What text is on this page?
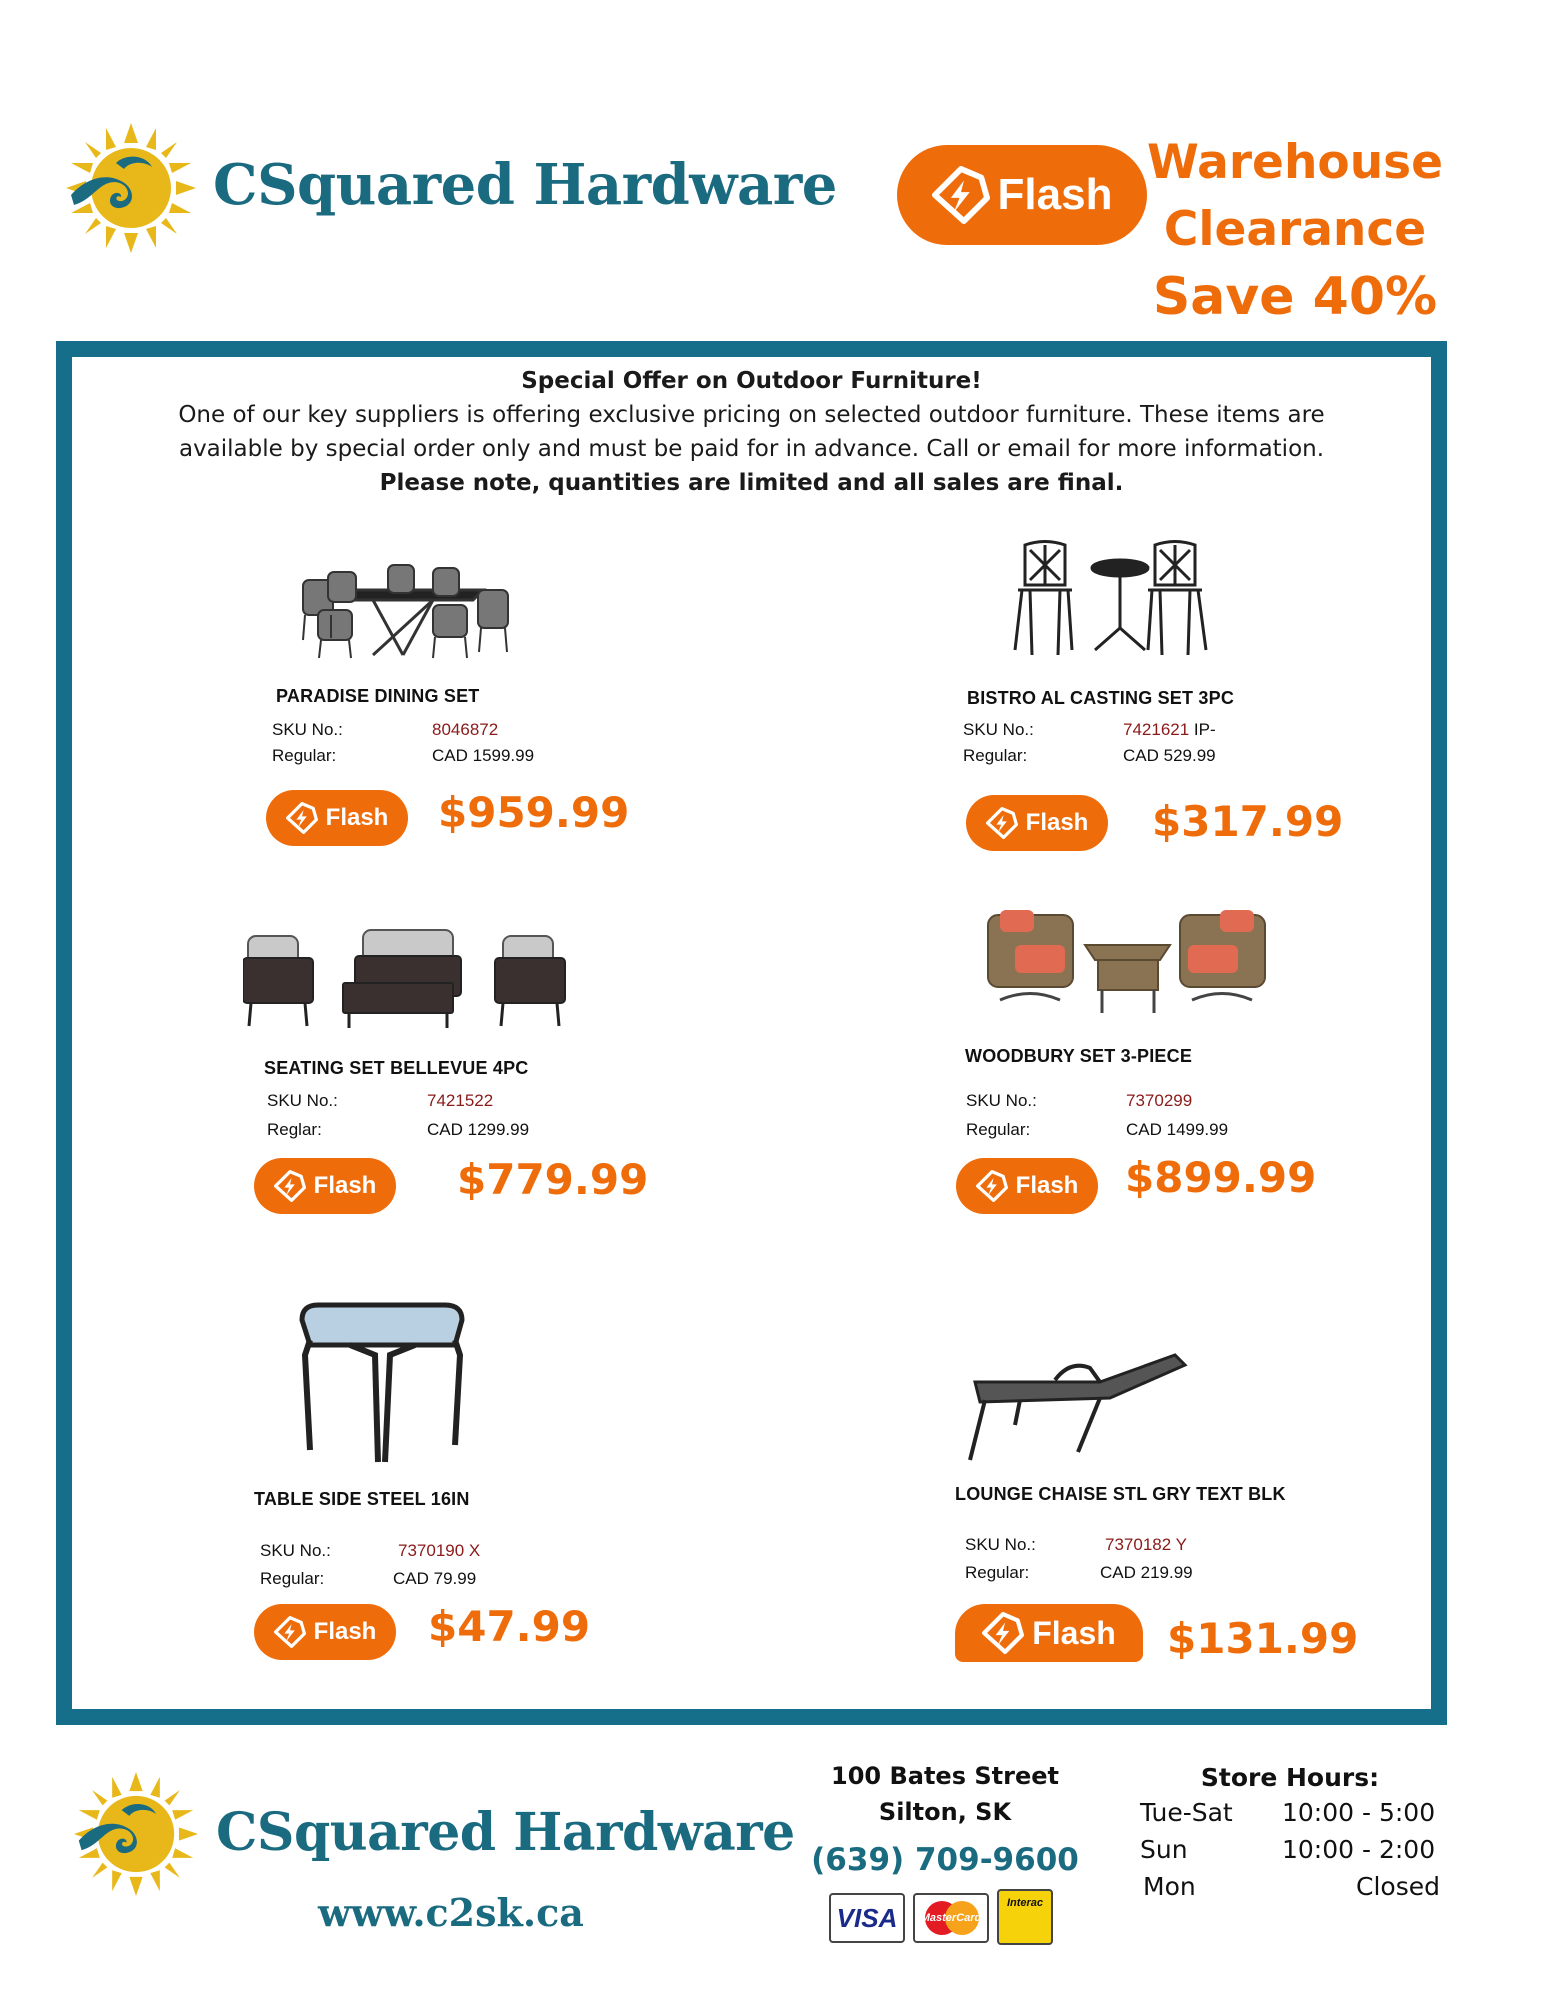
CSquared Hardware	Flash
Warehouse
Clearance
Save 40%
Special Offer on Outdoor Furniture!
One of our key suppliers is offering exclusive pricing on selected outdoor furniture. These items are
available by special order only and must be paid for in advance. Call or email for more information.
Please note, quantities are limited and all sales are final.
PARADISE DINING SET
SKU No.:	8046872
Regular:	CAD 1599.99
Flash $959.99
BISTRO AL CASTING SET 3PC
SKU No.:	7421621 IP-
Regular:	CAD 529.99
Flash $317.99
SEATING SET BELLEVUE 4PC
SKU No.:	7421522
Reglar:	CAD 1299.99
Flash $779.99
WOODBURY SET 3-PIECE
SKU No.:	7370299
Regular:	CAD 1499.99
Flash $899.99
TABLE SIDE STEEL 16IN
SKU No.:	7370190 X
Regular:	CAD 79.99
Flash $47.99
LOUNGE CHAISE STL GRY TEXT BLK
SKU No.:	7370182 Y
Regular:	CAD 219.99
Flash $131.99
CSquared Hardware
www.c2sk.ca
100 Bates Street
Silton, SK
(639) 709-9600
VISA	MasterCard
Interac
Store Hours:
Tue-Sat 10:00 - 5:00
Sun	10:00 - 2:00
Mon	Closed
